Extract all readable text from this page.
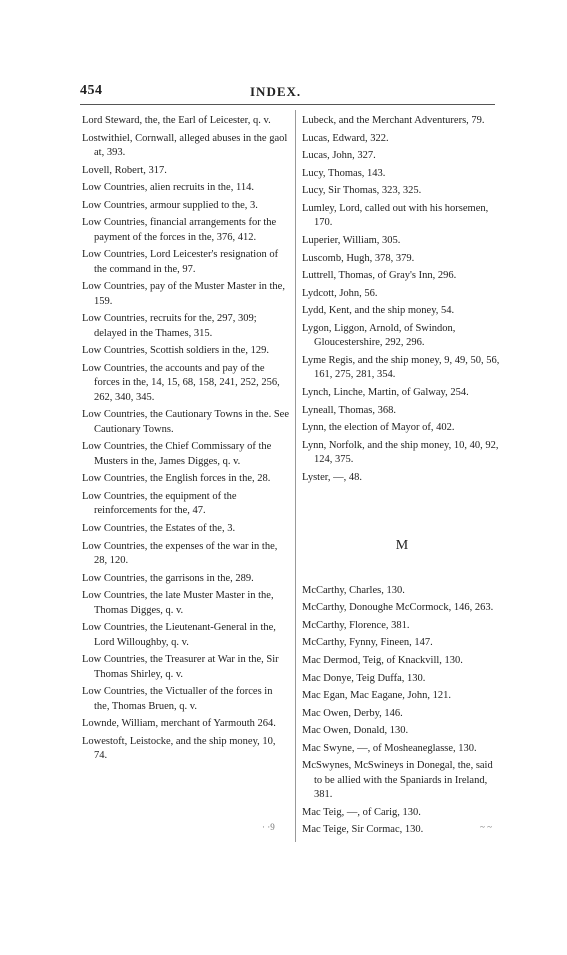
454	INDEX.
Lord Steward, the, the Earl of Leicester, q. v.
Lostwithiel, Cornwall, alleged abuses in the gaol at, 393.
Lovell, Robert, 317.
Low Countries, alien recruits in the, 114.
Low Countries, armour supplied to the, 3.
Low Countries, financial arrangements for the payment of the forces in the, 376, 412.
Low Countries, Lord Leicester's resignation of the command in the, 97.
Low Countries, pay of the Muster Master in the, 159.
Low Countries, recruits for the, 297, 309; delayed in the Thames, 315.
Low Countries, Scottish soldiers in the, 129.
Low Countries, the accounts and pay of the forces in the, 14, 15, 68, 158, 241, 252, 256, 262, 340, 345.
Low Countries, the Cautionary Towns in the. See Cautionary Towns.
Low Countries, the Chief Commissary of the Musters in the, James Digges, q. v.
Low Countries, the English forces in the, 28.
Low Countries, the equipment of the reinforcements for the, 47.
Low Countries, the Estates of the, 3.
Low Countries, the expenses of the war in the, 28, 120.
Low Countries, the garrisons in the, 289.
Low Countries, the late Muster Master in the, Thomas Digges, q. v.
Low Countries, the Lieutenant-General in the, Lord Willoughby, q. v.
Low Countries, the Treasurer at War in the, Sir Thomas Shirley, q. v.
Low Countries, the Victualler of the forces in the, Thomas Bruen, q. v.
Lownde, William, merchant of Yarmouth 264.
Lowestoft, Leistocke, and the ship money, 10, 74.
Lubeck, and the Merchant Adventurers, 79.
Lucas, Edward, 322.
Lucas, John, 327.
Lucy, Thomas, 143.
Lucy, Sir Thomas, 323, 325.
Lumley, Lord, called out with his horsemen, 170.
Luperier, William, 305.
Luscomb, Hugh, 378, 379.
Luttrell, Thomas, of Gray's Inn, 296.
Lydcott, John, 56.
Lydd, Kent, and the ship money, 54.
Lygon, Liggon, Arnold, of Swindon, Gloucestershire, 292, 296.
Lyme Regis, and the ship money, 9, 49, 50, 56, 161, 275, 281, 354.
Lynch, Linche, Martin, of Galway, 254.
Lyneall, Thomas, 368.
Lynn, the election of Mayor of, 402.
Lynn, Norfolk, and the ship money, 10, 40, 92, 124, 375.
Lyster, —, 48.
M
McCarthy, Charles, 130.
McCarthy, Donoughe McCormock, 146, 263.
McCarthy, Florence, 381.
McCarthy, Fynny, Fineen, 147.
Mac Dermod, Teig, of Knackvill, 130.
Mac Donye, Teig Duffa, 130.
Mac Egan, Mac Eagane, John, 121.
Mac Owen, Derby, 146.
Mac Owen, Donald, 130.
Mac Swyne, —, of Mosheaneglasse, 130.
McSwynes, McSwineys in Donegal, the, said to be allied with the Spaniards in Ireland, 381.
Mac Teig, —, of Carig, 130.
Mac Teige, Sir Cormac, 130.
· ·9	~ ~
